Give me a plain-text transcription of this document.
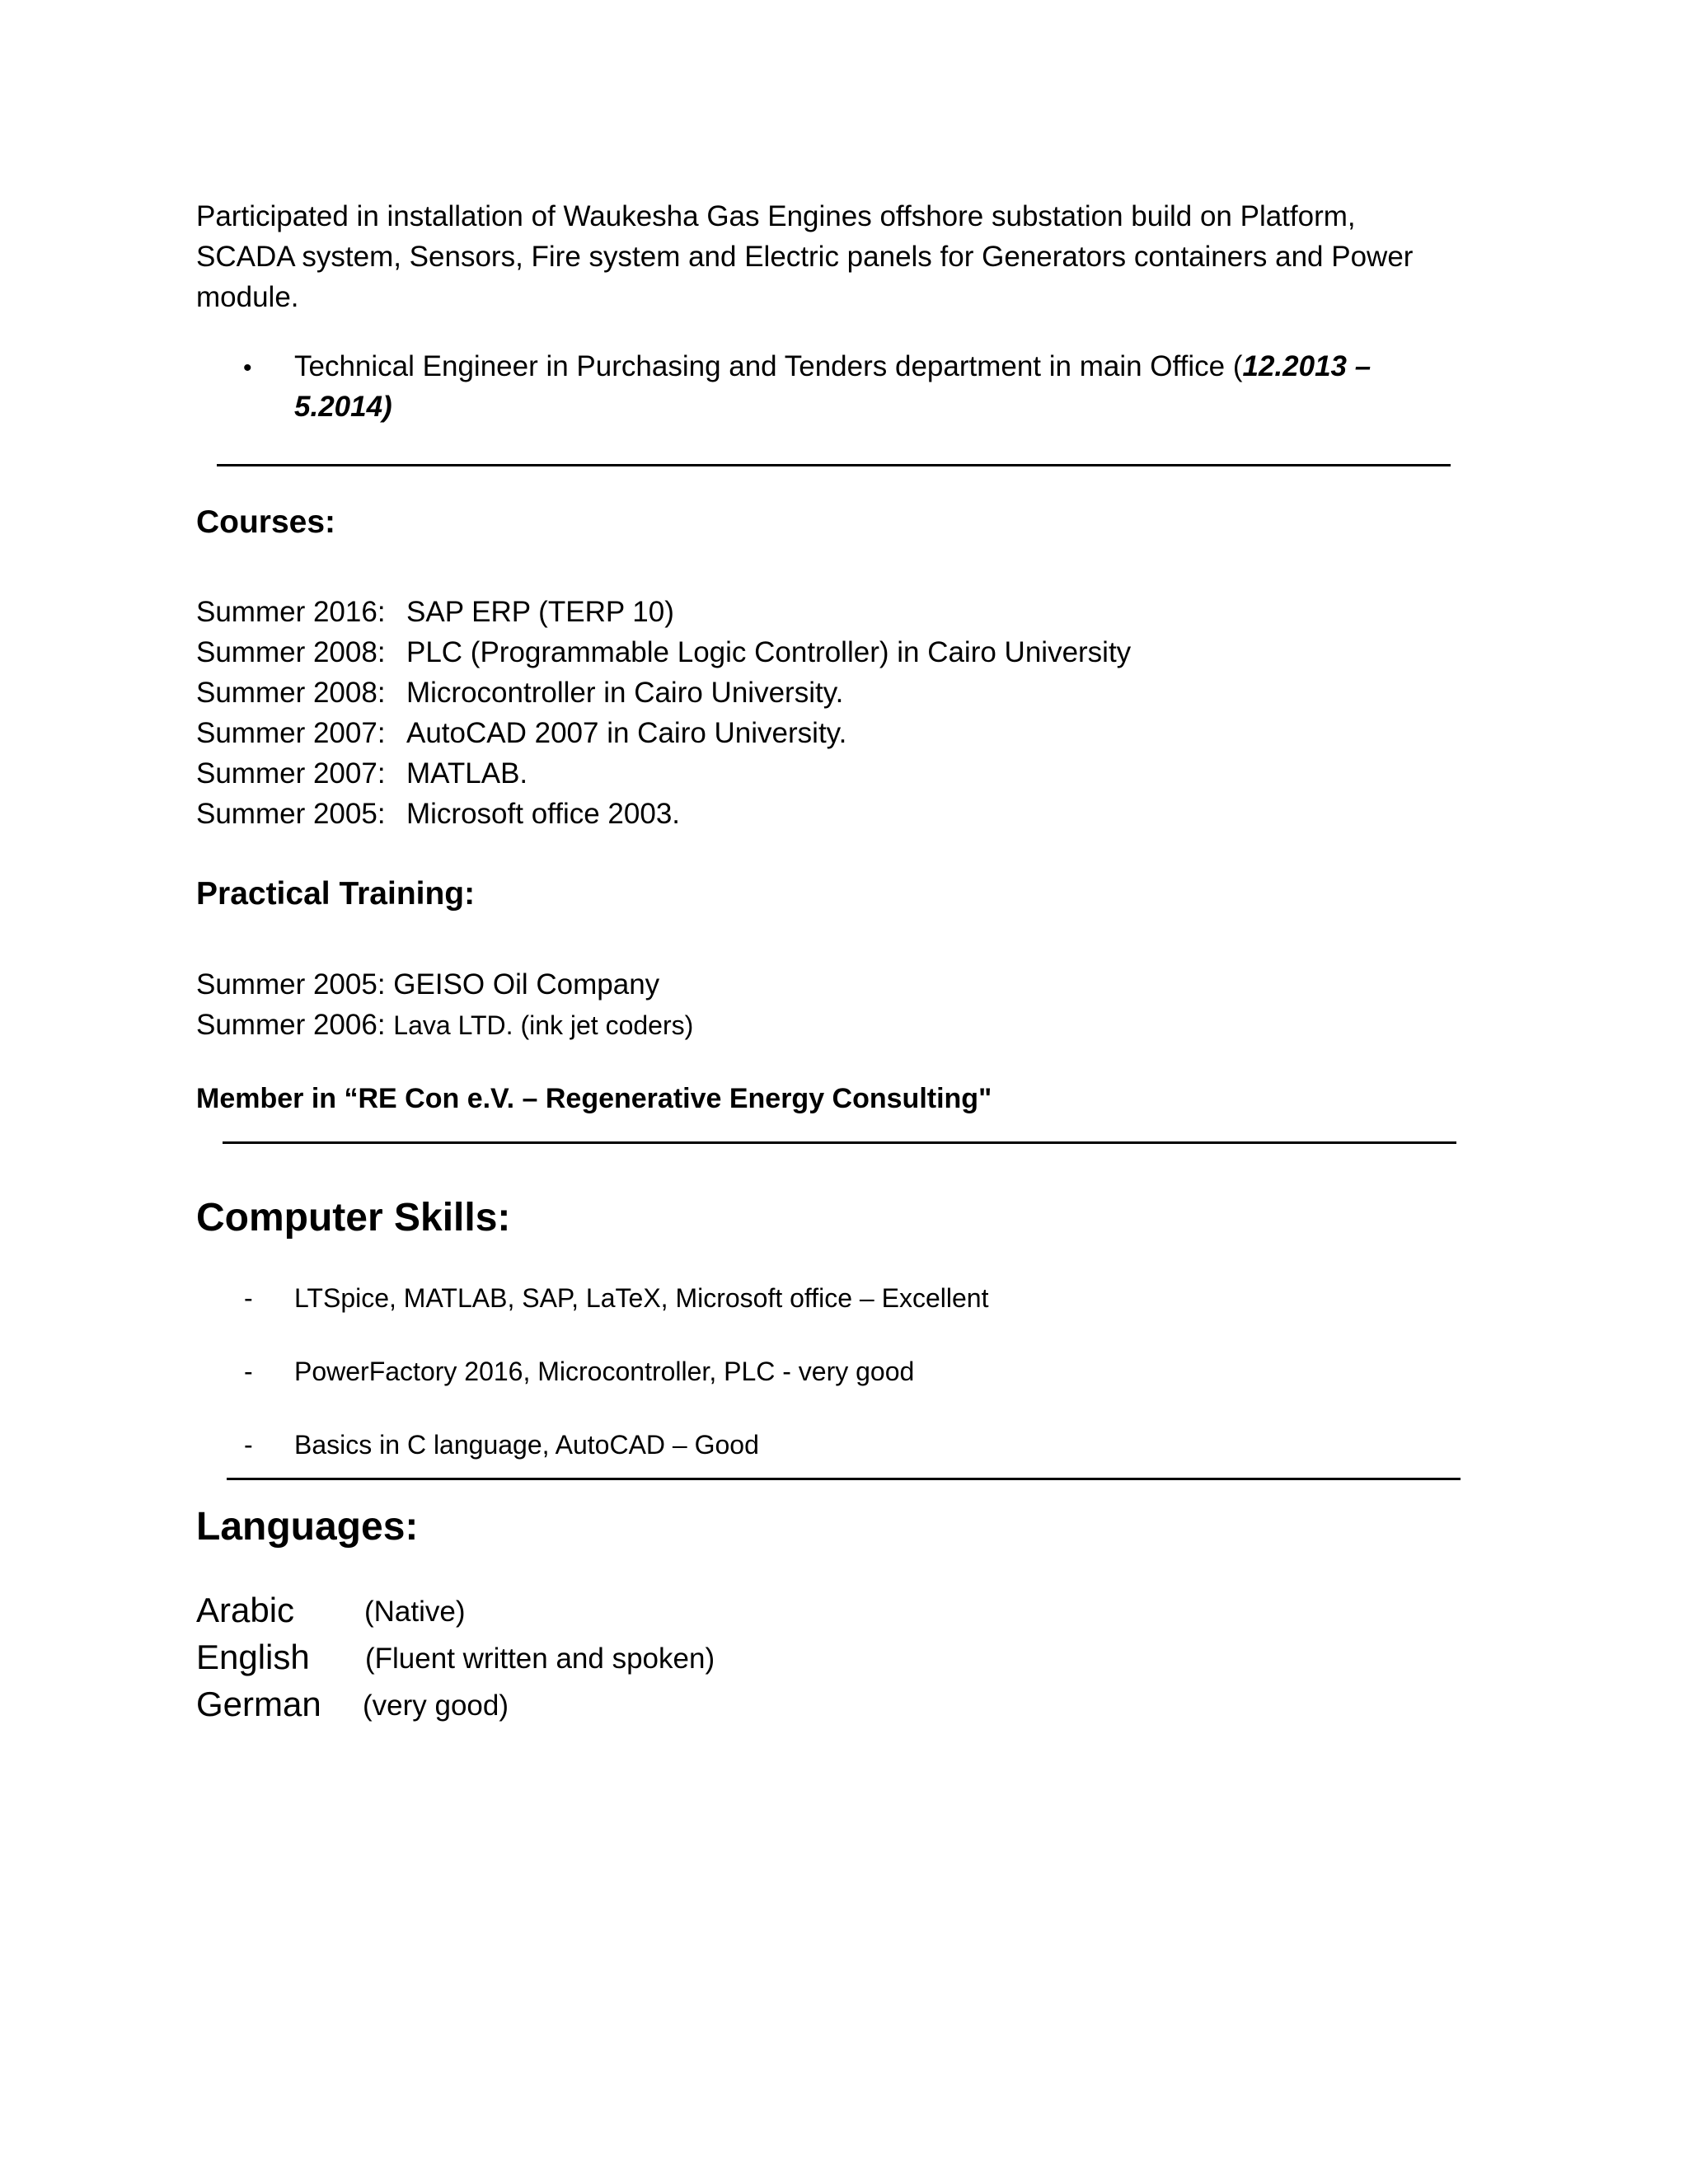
Participated in installation of Waukesha Gas Engines offshore substation build on Platform,
SCADA system, Sensors, Fire system and Electric panels for Generators containers and Power
module.
• Technical Engineer in Purchasing and Tenders department in main Office (12.2013 –
5.2014)
Courses:
Summer 2016: SAP ERP (TERP 10)
Summer 2008: PLC (Programmable Logic Controller) in Cairo University
Summer 2008: Microcontroller in Cairo University.
Summer 2007: AutoCAD 2007 in Cairo University.
Summer 2007: MATLAB.
Summer 2005: Microsoft office 2003.
Practical Training:
Summer 2005: GEISO Oil Company
Summer 2006: Lava LTD. (ink jet coders)
Member in “RE Con e.V. – Regenerative Energy Consulting"
Computer Skills:
- LTSpice, MATLAB, SAP, LaTeX, Microsoft office – Excellent
- PowerFactory 2016, Microcontroller, PLC - very good
- Basics in C language, AutoCAD – Good
Languages:
Arabic (Native)
English (Fluent written and spoken)
German (very good)
